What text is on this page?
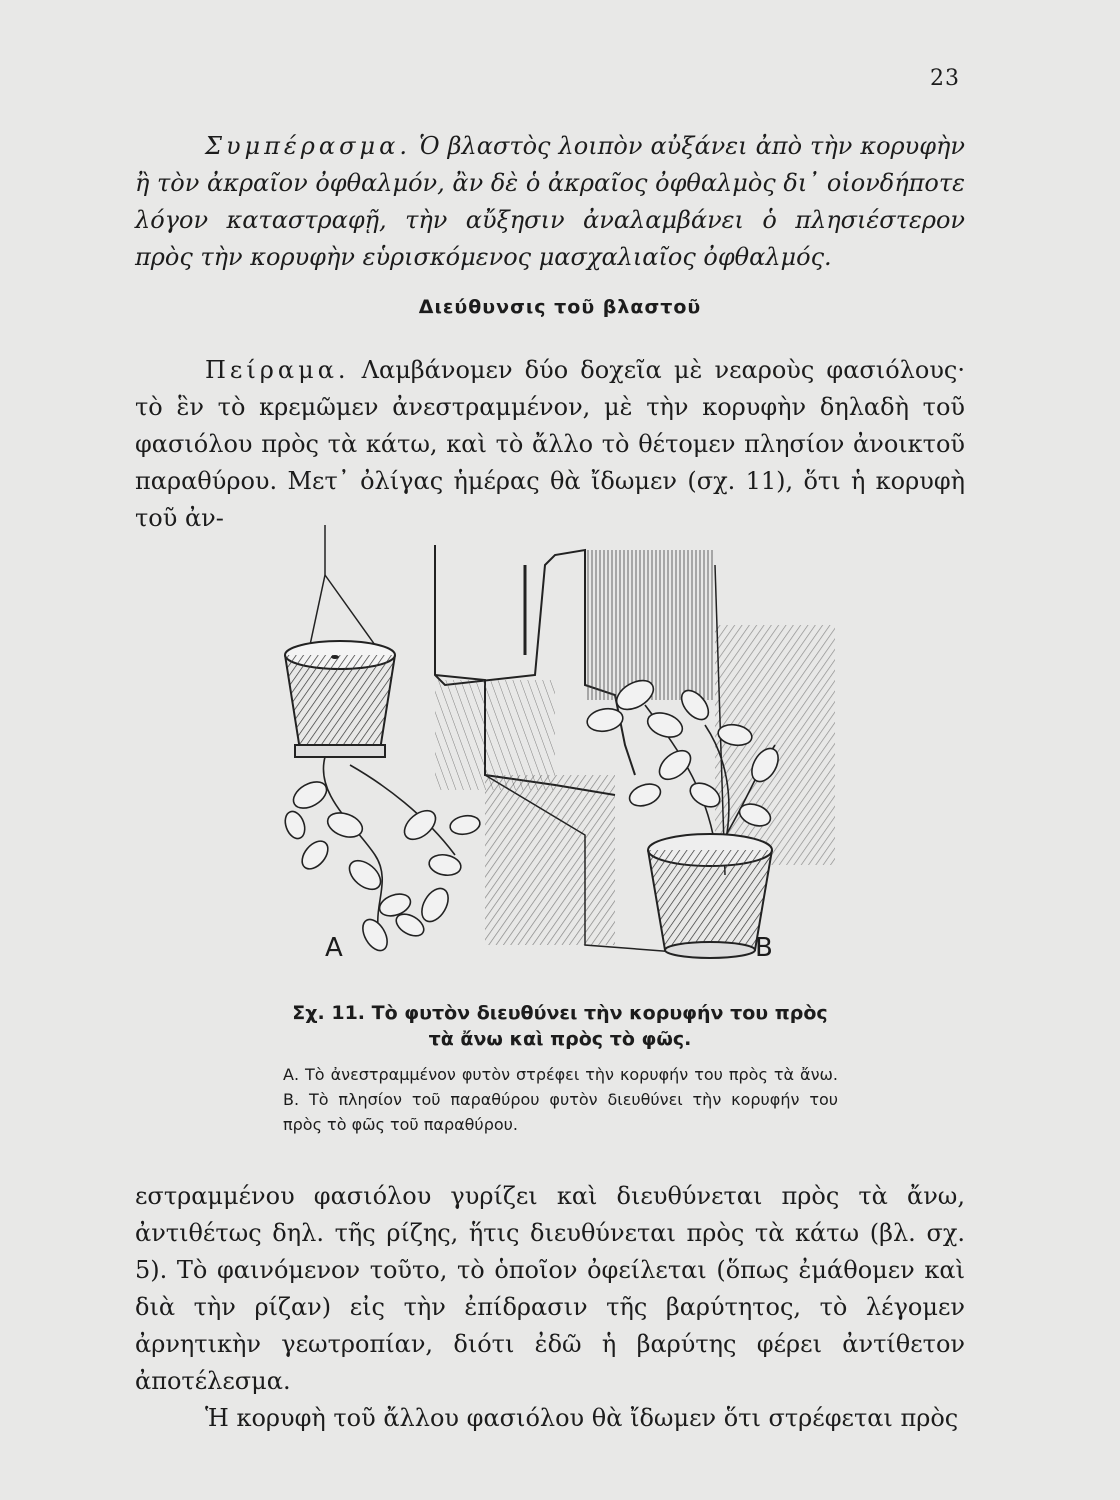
23

Συμπέρασμα. Ὁ βλαστὸς λοιπὸν αὐξάνει ἀπὸ τὴν κορυφὴν ἢ τὸν ἀκραῖον ὀφθαλμόν, ἂν δὲ ὁ ἀκραῖος ὀφθαλμὸς δι᾽ οἱονδήποτε λόγον καταστραφῇ, τὴν αὔξησιν ἀναλαμβάνει ὁ πλησιέστερον πρὸς τὴν κορυφὴν εὑρισκόμενος μασχαλιαῖος ὀφθαλμός.

Διεύθυνσις τοῦ βλαστοῦ

Πείραμα. Λαμβάνομεν δύο δοχεῖα μὲ νεαροὺς φασιόλους· τὸ ἓν τὸ κρεμῶμεν ἀνεστραμμένον, μὲ τὴν κορυφὴν δηλαδὴ τοῦ φασιόλου πρὸς τὰ κάτω, καὶ τὸ ἄλλο τὸ θέτομεν πλησίον ἀνοικτοῦ παραθύρου. Μετ᾽ ὀλίγας ἡμέρας θὰ ἴδωμεν (σχ. 11), ὅτι ἡ κορυφὴ τοῦ ἀν-

A	B
Σχ. 11. Τὸ φυτὸν διευθύνει τὴν κορυφήν του πρὸς
τὰ ἄνω καὶ πρὸς τὸ φῶς.

Α. Τὸ ἀνεστραμμένον φυτὸν στρέφει τὴν κορυφήν του πρὸς τὰ ἄνω. Β. Τὸ πλησίον τοῦ παραθύρου φυτὸν διευθύνει τὴν κορυφήν του πρὸς τὸ φῶς τοῦ παραθύρου.

εστραμμένου φασιόλου γυρίζει καὶ διευθύνεται πρὸς τὰ ἄνω, ἀντιθέτως δηλ. τῆς ρίζης, ἥτις διευθύνεται πρὸς τὰ κάτω (βλ. σχ. 5). Τὸ φαινόμενον τοῦτο, τὸ ὁποῖον ὀφείλεται (ὅπως ἐμάθομεν καὶ διὰ τὴν ρίζαν) εἰς τὴν ἐπίδρασιν τῆς βαρύτητος, τὸ λέγομεν ἀρνητικὴν γεωτροπίαν, διότι ἐδῶ ἡ βαρύτης φέρει ἀντίθετον ἀποτέλεσμα.

Ἡ κορυφὴ τοῦ ἄλλου φασιόλου θὰ ἴδωμεν ὅτι στρέφεται πρὸς
